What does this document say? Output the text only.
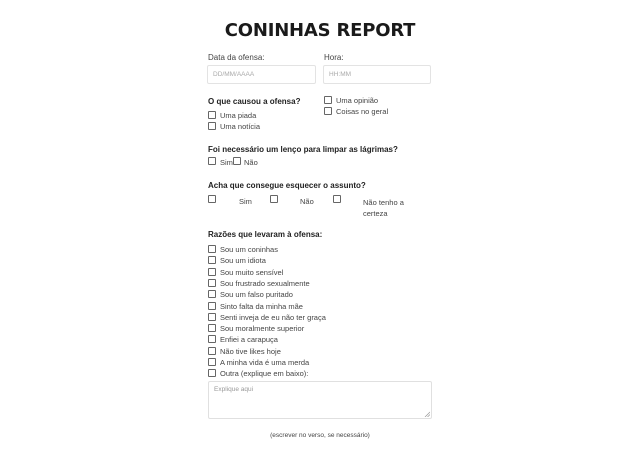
CONINHAS REPORT
Data da ofensa:
DD/MM/AAAA
Hora:
HH:MM
O que causou a ofensa?
Uma piada
Uma notícia
Uma opinião
Coisas no geral
Foi necessário um lenço para limpar as lágrimas?
Sim Não
Acha que consegue esquecer o assunto?
Sim	Não	Não tenho a certeza
Razões que levaram à ofensa:
Sou um coninhas
Sou um idiota
Sou muito sensível
Sou frustrado sexualmente
Sou um falso puritado
Sinto falta da minha mãe
Senti inveja de eu não ter graça
Sou moralmente superior
Enfiei a carapuça
Não tive likes hoje
A minha vida é uma merda
Outra (explique em baixo):
Explique aqui
(escrever no verso, se necessário)
